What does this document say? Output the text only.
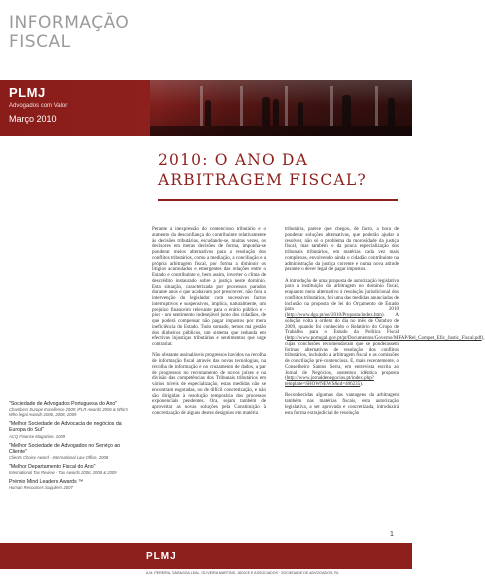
INFORMAÇÃO
FISCAL
PLMJ
Advogados com Valor
Março 2010
2010: O ANO DA
ARBITRAGEM FISCAL?

Perante a inexpressão do contencioso tributário e o aumento da desconfiança do contribuinte relativamente às decisões tributárias, escudando-se, muitas vezes, os decisores em meras decisões de forma, impunha-se ponderar meios alternativos para a resolução dos conflitos tributários, como a mediação, a conciliação e a própria arbitragem fiscal, por forma a diminuir os litígios acumulados e emergentes das relações entre o Estado e contribuinte e, bem assim, inverter o clima de descrédito instaurado sobre a justiça neste domínio. Esta situação, caracterizada por processos parados durante anos e que acabavam por prescrever, não fora a intervenção do legislador com sucessivos factos interruptivos e suspensivos, implica, naturalmente, um prejuízo financeiro relevante para o erário público e - pior - um sentimento indesejável junto dos cidadãos, de que poderá compensar não pagar impostos por mera ineficiência do Estado. Tudo somado, temos má gestão dos dinheiros públicos, um sistema que redunda em efectivas injustiças tributárias e sentimentos que urge contrariar.

Não obstante assinaláveis progressos havidos na recolha de informação fiscal através das novas tecnologias, na recolha de informação e no cruzamento de dados, a par de progressos no recrutamento de novos juízes e na divisão das competências dos Tribunais tributários em vários níveis de especialização, estas medidas não se encontram esgotadas, ou de difícil concretização, e não são dirigidas à resolução temporária dos processos exponenciais pendentes. Ora, sejam também de aproveitar as novas soluções pela Constituição à concretização de alguns destes desígnios em matéria

tributária, parece que chegou, de facto, a hora de ponderar soluções alternativas, que poderão ajudar a resolver, não só o problema da morosidade da justiça fiscal, mas também o da pouca especialização dos tribunais tributários, em matérias cada vez mais complexas, envolvendo ainda o cidadão contribuinte na administração da justiça corrente e numa nova atitude perante o dever legal de pagar impostos.

A introdução de uma proposta de autorização legislativa para a instituição da arbitragem no domínio fiscal, enquanto meio alternativo à resolução jurisdicional dos conflitos tributários, foi uma das medidas anunciadas de inclusão na proposta de lei do Orçamento de Estado para 2010 (http://www.dgo.pt/oe/2010/Proposta/index.htm). A solução volta à ordem do dia no mês de Outubro de 2009, quando foi conhecido o Relatório do Grupo de Trabalho para o Estudo da Política Fiscal (http://www.portugal.gov.pt/pt/Documentos/Governo/MFAP/Rel_Compet_Efic_Justic_Fiscal.pdf), cujas conclusões recomendavam que se ponderassem formas alternativas de resolução dos conflitos tributários, incluindo a arbitragem fiscal e as comissões de conciliação pré-contenciosa. E, mais recentemente, o Conselheiro Santos Serra, em entrevista escrita ao Jornal de Negócios, sustentou idêntica proposta (http://www.jornaldenegocios.pt/index.php?template=SHOWNEWS&id=406235).

Reconhecidas algumas das vantagens da arbitragem também nas matérias fiscais, esta autorização legislativa, a ser aprovada e concretizada, introduzirá esta forma extrajudicial de resolução

"Sociedade de Advogados Portuguesa do Ano"
Chambers Europe Excellence 2009; IFLR Awards 2006 & Who's Who legal Awards 2006, 2008, 2009
"Melhor Sociedade de Advocacia de negócios da Europa do Sul"
ACQ Finance Magazine, 2009
"Melhor Sociedade de Advogados no Serviço ao Cliente"
Clients Choice Award - International Law Office, 2008
"Melhor Departamento Fiscal do Ano"
International Tax Review - Tax Awards 2006, 2008 & 2009
Prémio Mind Leaders Awards ™
Human Resources Suppliers 2007
1
PLMJ
A.M. PEREIRA, SÁRAGGA LEAL, OLIVEIRA MARTINS, JÚDICE E ASSOCIADOS · SOCIEDADE DE ADVOGADOS, RL
